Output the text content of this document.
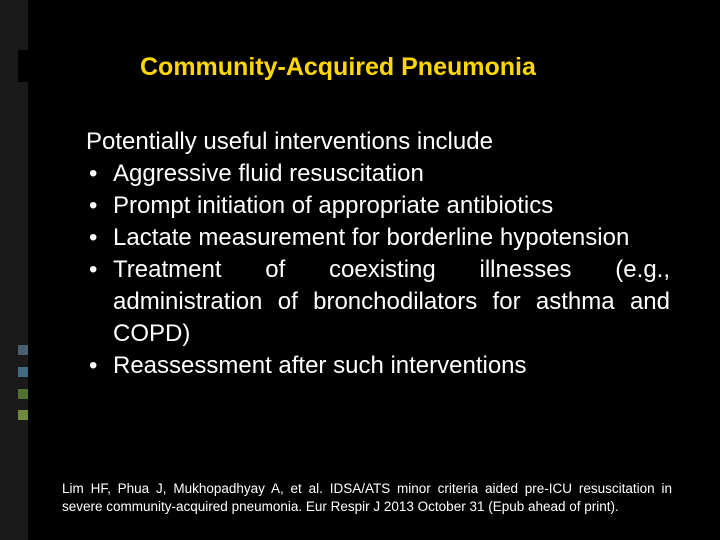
Community-Acquired Pneumonia

Potentially useful interventions include

• Aggressive fluid resuscitation
• Prompt initiation of appropriate antibiotics
• Lactate measurement for borderline hypotension
• Treatment of coexisting illnesses (e.g., administration of bronchodilators for asthma and COPD)
• Reassessment after such interventions
Lim HF, Phua J, Mukhopadhyay A, et al. IDSA/ATS minor criteria aided pre-ICU resuscitation in severe community-acquired pneumonia. Eur Respir J 2013 October 31 (Epub ahead of print).
